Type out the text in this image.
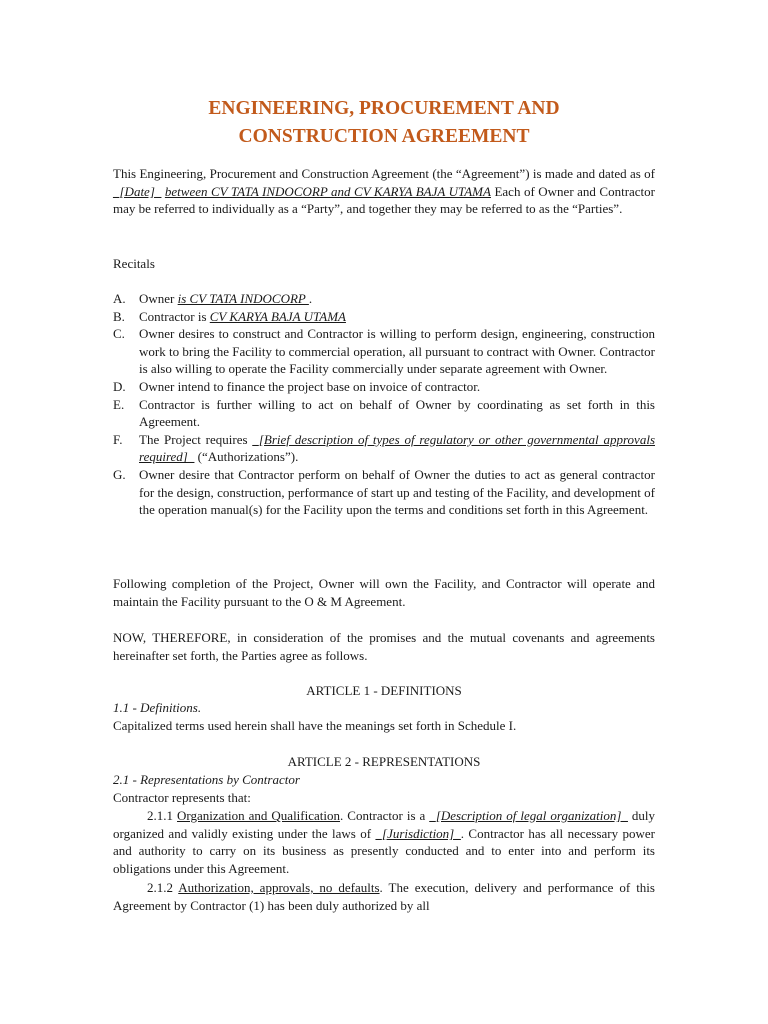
ENGINEERING, PROCUREMENT AND
CONSTRUCTION AGREEMENT

This Engineering, Procurement and Construction Agreement (the “Agreement”) is made and dated as of _[Date]_ between CV TATA INDOCORP and CV KARYA BAJA UTAMA Each of Owner and Contractor may be referred to individually as a “Party”, and together they may be referred to as the “Parties”.

Recitals

A. Owner is CV TATA INDOCORP .
B. Contractor is CV KARYA BAJA UTAMA
C. Owner desires to construct and Contractor is willing to perform design, engineering, construction work to bring the Facility to commercial operation, all pursuant to contract with Owner. Contractor is also willing to operate the Facility commercially under separate agreement with Owner.
D. Owner intend to finance the project base on invoice of contractor.
E. Contractor is further willing to act on behalf of Owner by coordinating as set forth in this Agreement.
F. The Project requires _[Brief description of types of regulatory or other governmental approvals required]_ (“Authorizations”).
G. Owner desire that Contractor perform on behalf of Owner the duties to act as general contractor for the design, construction, performance of start up and testing of the Facility, and development of the operation manual(s) for the Facility upon the terms and conditions set forth in this Agreement.

Following completion of the Project, Owner will own the Facility, and Contractor will operate and maintain the Facility pursuant to the O & M Agreement.

NOW, THEREFORE, in consideration of the promises and the mutual covenants and agreements hereinafter set forth, the Parties agree as follows.

ARTICLE 1 - DEFINITIONS

1.1 - Definitions.

Capitalized terms used herein shall have the meanings set forth in Schedule I.

ARTICLE 2 - REPRESENTATIONS

2.1 - Representations by Contractor

Contractor represents that:

2.1.1 Organization and Qualification. Contractor is a _[Description of legal organization]_ duly organized and validly existing under the laws of _[Jurisdiction]_. Contractor has all necessary power and authority to carry on its business as presently conducted and to enter into and perform its obligations under this Agreement.

2.1.2 Authorization, approvals, no defaults. The execution, delivery and performance of this Agreement by Contractor (1) has been duly authorized by all
